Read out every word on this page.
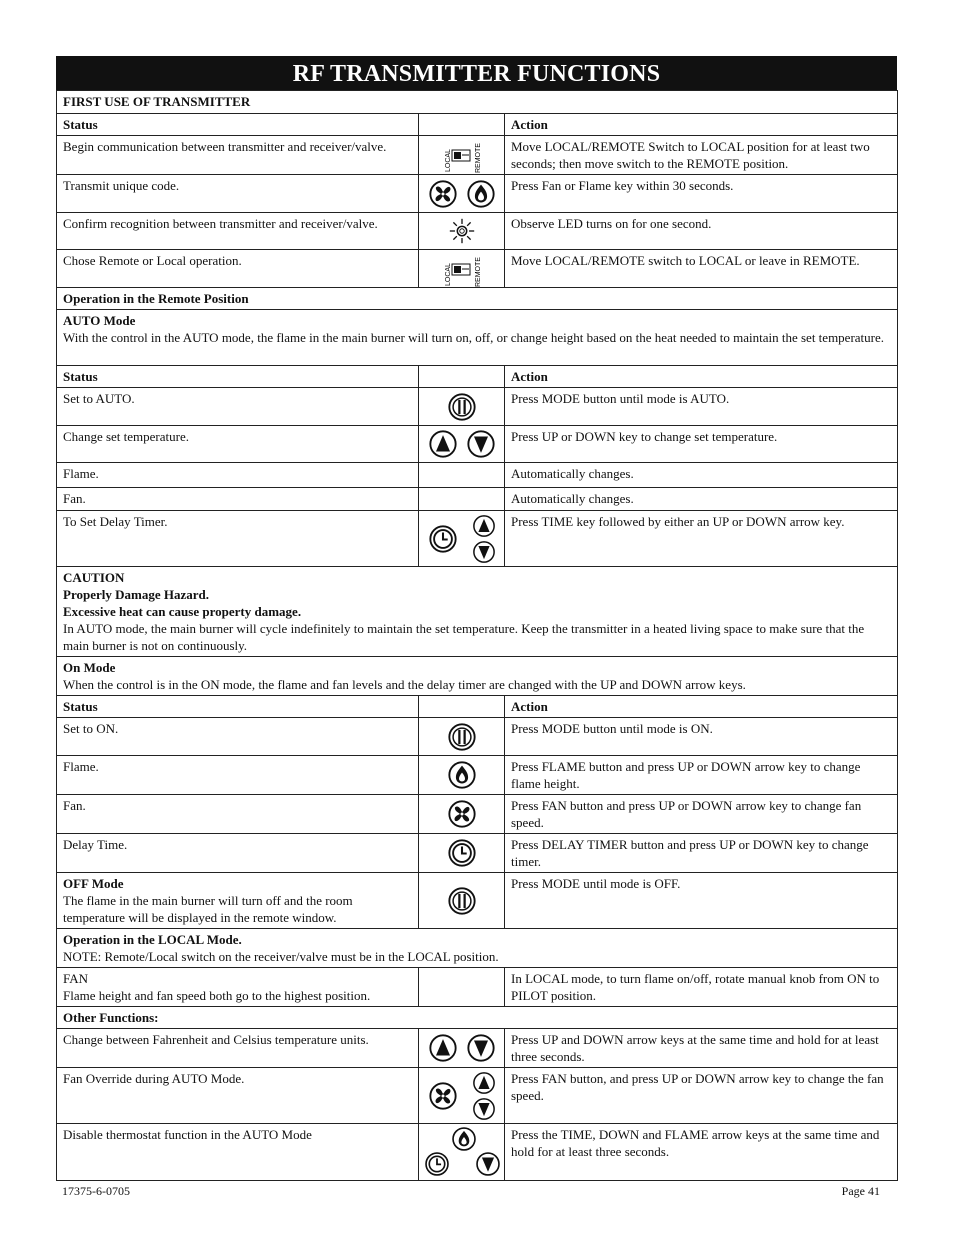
RF TRANSMITTER FUNCTIONS
FIRST USE OF TRANSMITTER		
Status		Action
Begin communication between transmitter and receiver/valve.	LOCAL REMOTE	Move LOCAL/REMOTE Switch to LOCAL position for at least two seconds; then move switch to the REMOTE position.
Transmit unique code.		Press Fan or Flame key within 30 seconds.
Confirm recognition between transmitter and receiver/valve.		Observe LED turns on for one second.
Chose Remote or Local operation.	LOCAL REMOTE	Move LOCAL/REMOTE switch to LOCAL or leave in REMOTE.
Operation in the Remote Position		

AUTO Mode
With the control in the AUTO mode, the flame in the main burner will turn on, off, or change height based on the heat needed to maintain the set temperature.		

Status		Action
Set to AUTO.		Press MODE button until mode is AUTO.
Change set temperature.		Press UP or DOWN key to change set temperature.
Flame.		Automatically changes.
Fan.		Automatically changes.
To Set Delay Timer.		Press TIME key followed by either an UP or DOWN arrow key.

CAUTION
Properly Damage Hazard.
Excessive heat can cause property damage.
In AUTO mode, the main burner will cycle indefinitely to maintain the set temperature. Keep the transmitter in a heated living space to make sure that the main burner is not on continuously.		

On Mode
When the control is in the ON mode, the flame and fan levels and the delay timer are changed with the UP and DOWN arrow keys.		

Status		Action
Set to ON.		Press MODE button until mode is ON.
Flame.		Press FLAME button and press UP or DOWN arrow key to change flame height.
Fan.		Press FAN button and press UP or DOWN arrow key to change fan speed.
Delay Time.		Press DELAY TIMER button and press UP or DOWN key to change timer.

OFF Mode
The flame in the main burner will turn off and the room temperature will be displayed in the remote window.		Press MODE until mode is OFF.

Operation in the LOCAL Mode.
NOTE: Remote/Local switch on the receiver/valve must be in the LOCAL position.		

FAN
Flame height and fan speed both go to the highest position.		In LOCAL mode, to turn flame on/off, rotate manual knob from ON to PILOT position.
Other Functions:		
Change between Fahrenheit and Celsius temperature units.		Press UP and DOWN arrow keys at the same time and hold for at least three seconds.
Fan Override during AUTO Mode.		Press FAN button, and press UP or DOWN arrow key to change the fan speed.
Disable thermostat function in the AUTO Mode		Press the TIME, DOWN and FLAME arrow keys at the same time and hold for at least three seconds.
17375-6-0705	Page 41
